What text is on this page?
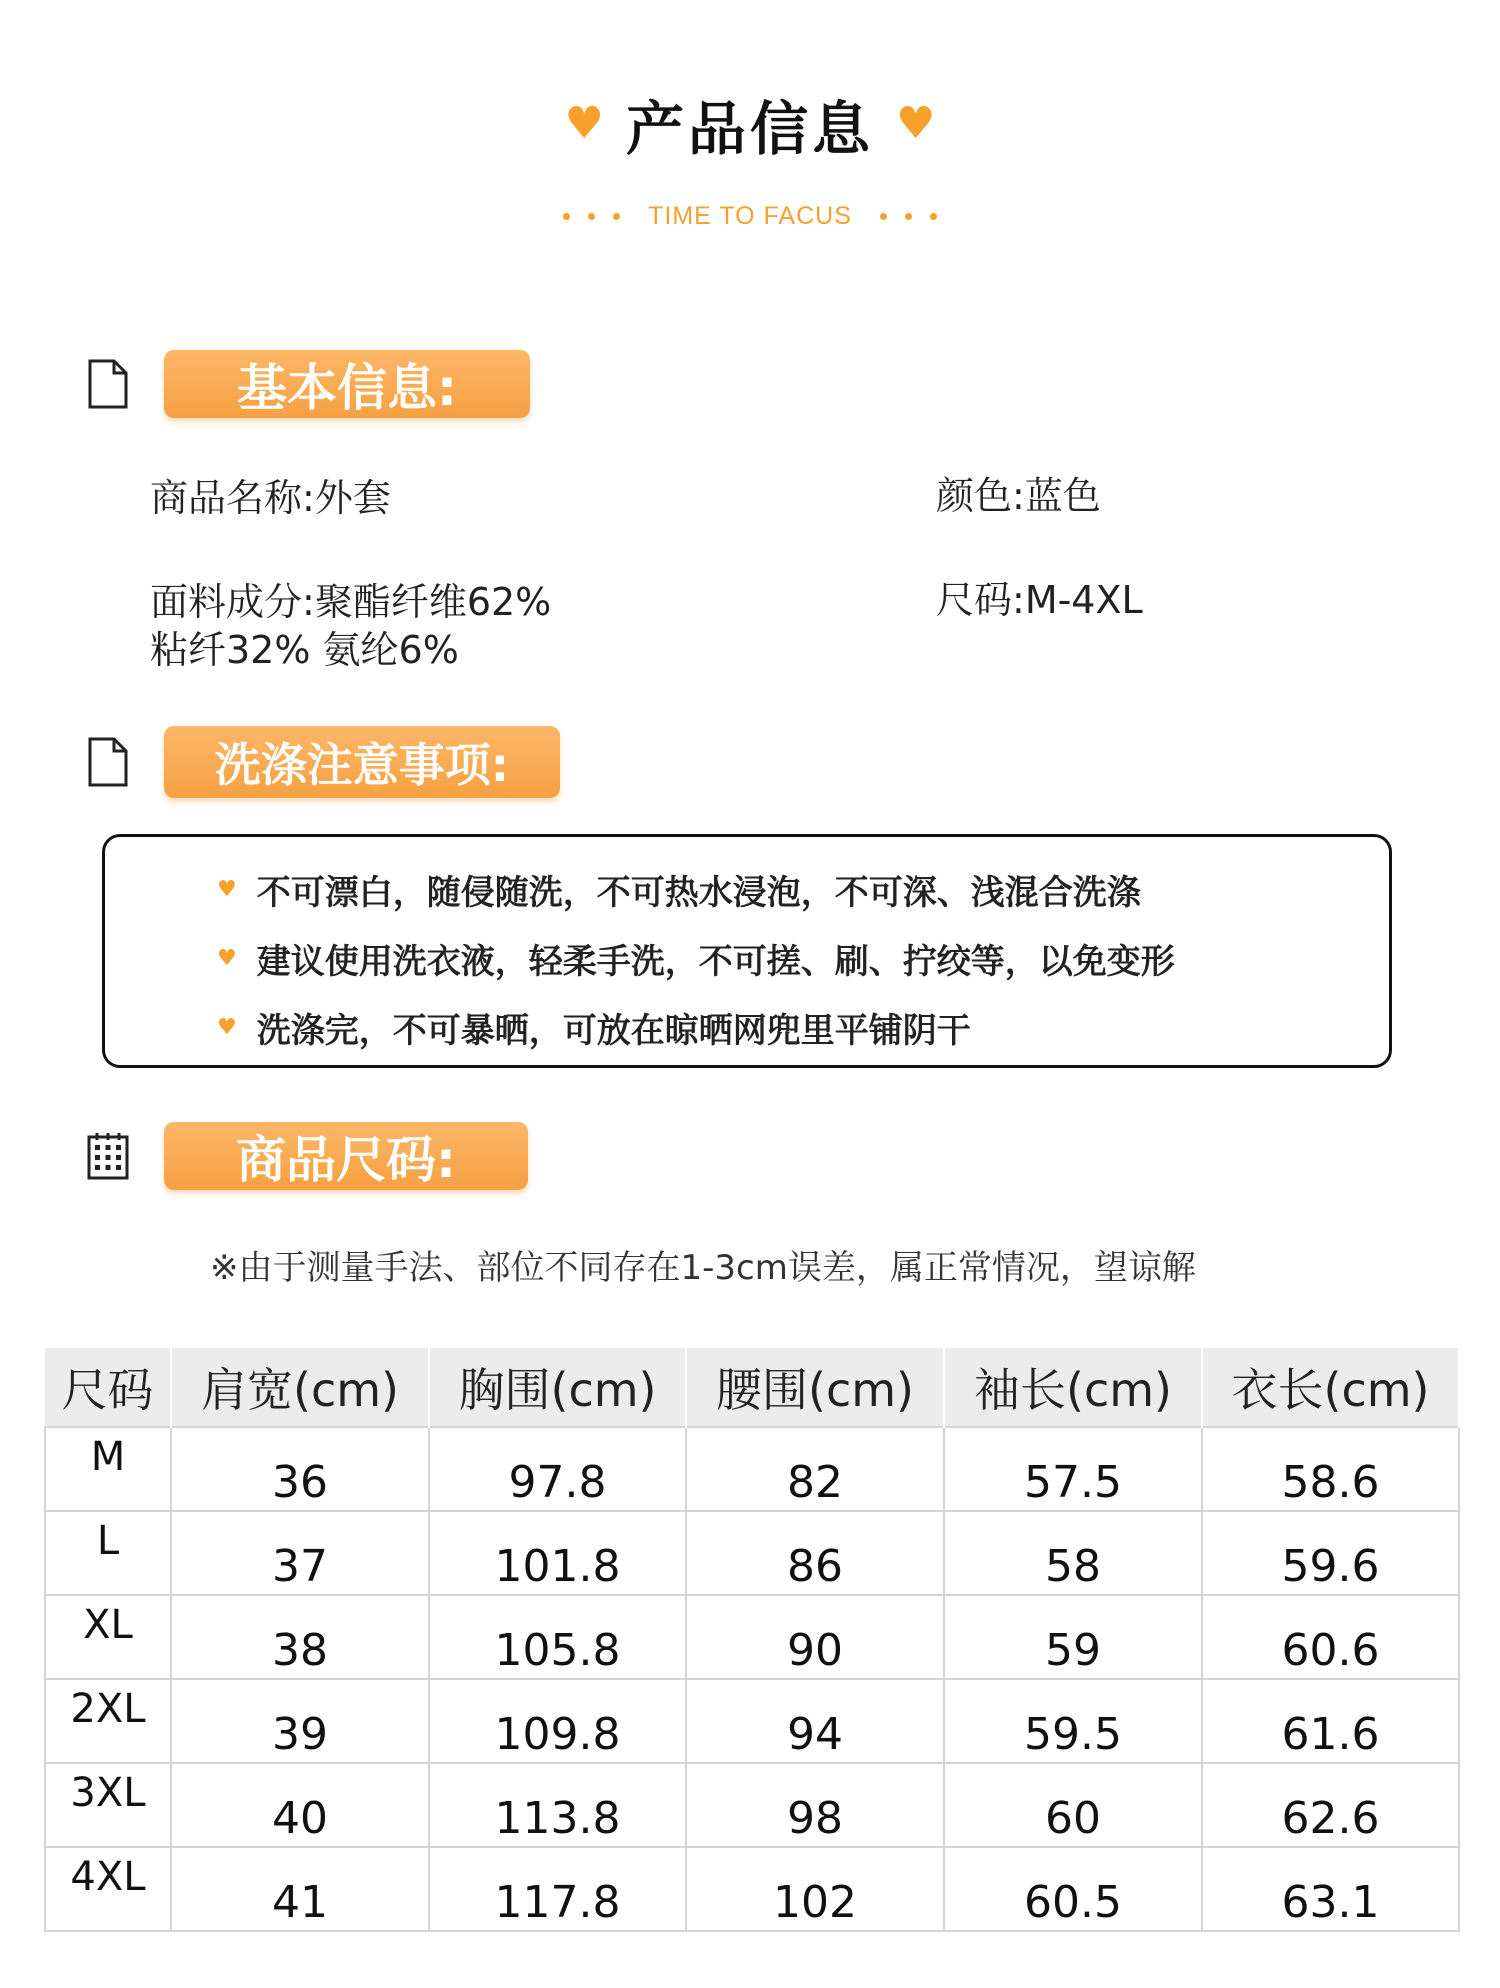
♥ 产品信息 ♥
TIME TO FACUS
基本信息:
商品名称:外套	颜色:蓝色
面料成分:聚酯纤维62%
粘纤32% 氨纶6%
尺码:M-4XL
洗涤注意事项:
♥ 不可漂白，随侵随洗，不可热水浸泡，不可深、浅混合洗涤
♥ 建议使用洗衣液，轻柔手洗，不可搓、刷、拧绞等，以免变形
♥ 洗涤完，不可暴晒，可放在晾晒网兜里平铺阴干
商品尺码:
※由于测量手法、部位不同存在1-3cm误差，属正常情况，望谅解
尺码	肩宽(cm)	胸围(cm)	腰围(cm)	袖长(cm)	衣长(cm)
M	36	97.8	82	57.5	58.6
L	37	101.8	86	58	59.6
XL	38	105.8	90	59	60.6
2XL	39	109.8	94	59.5	61.6
3XL	40	113.8	98	60	62.6
4XL	41	117.8	102	60.5	63.1
